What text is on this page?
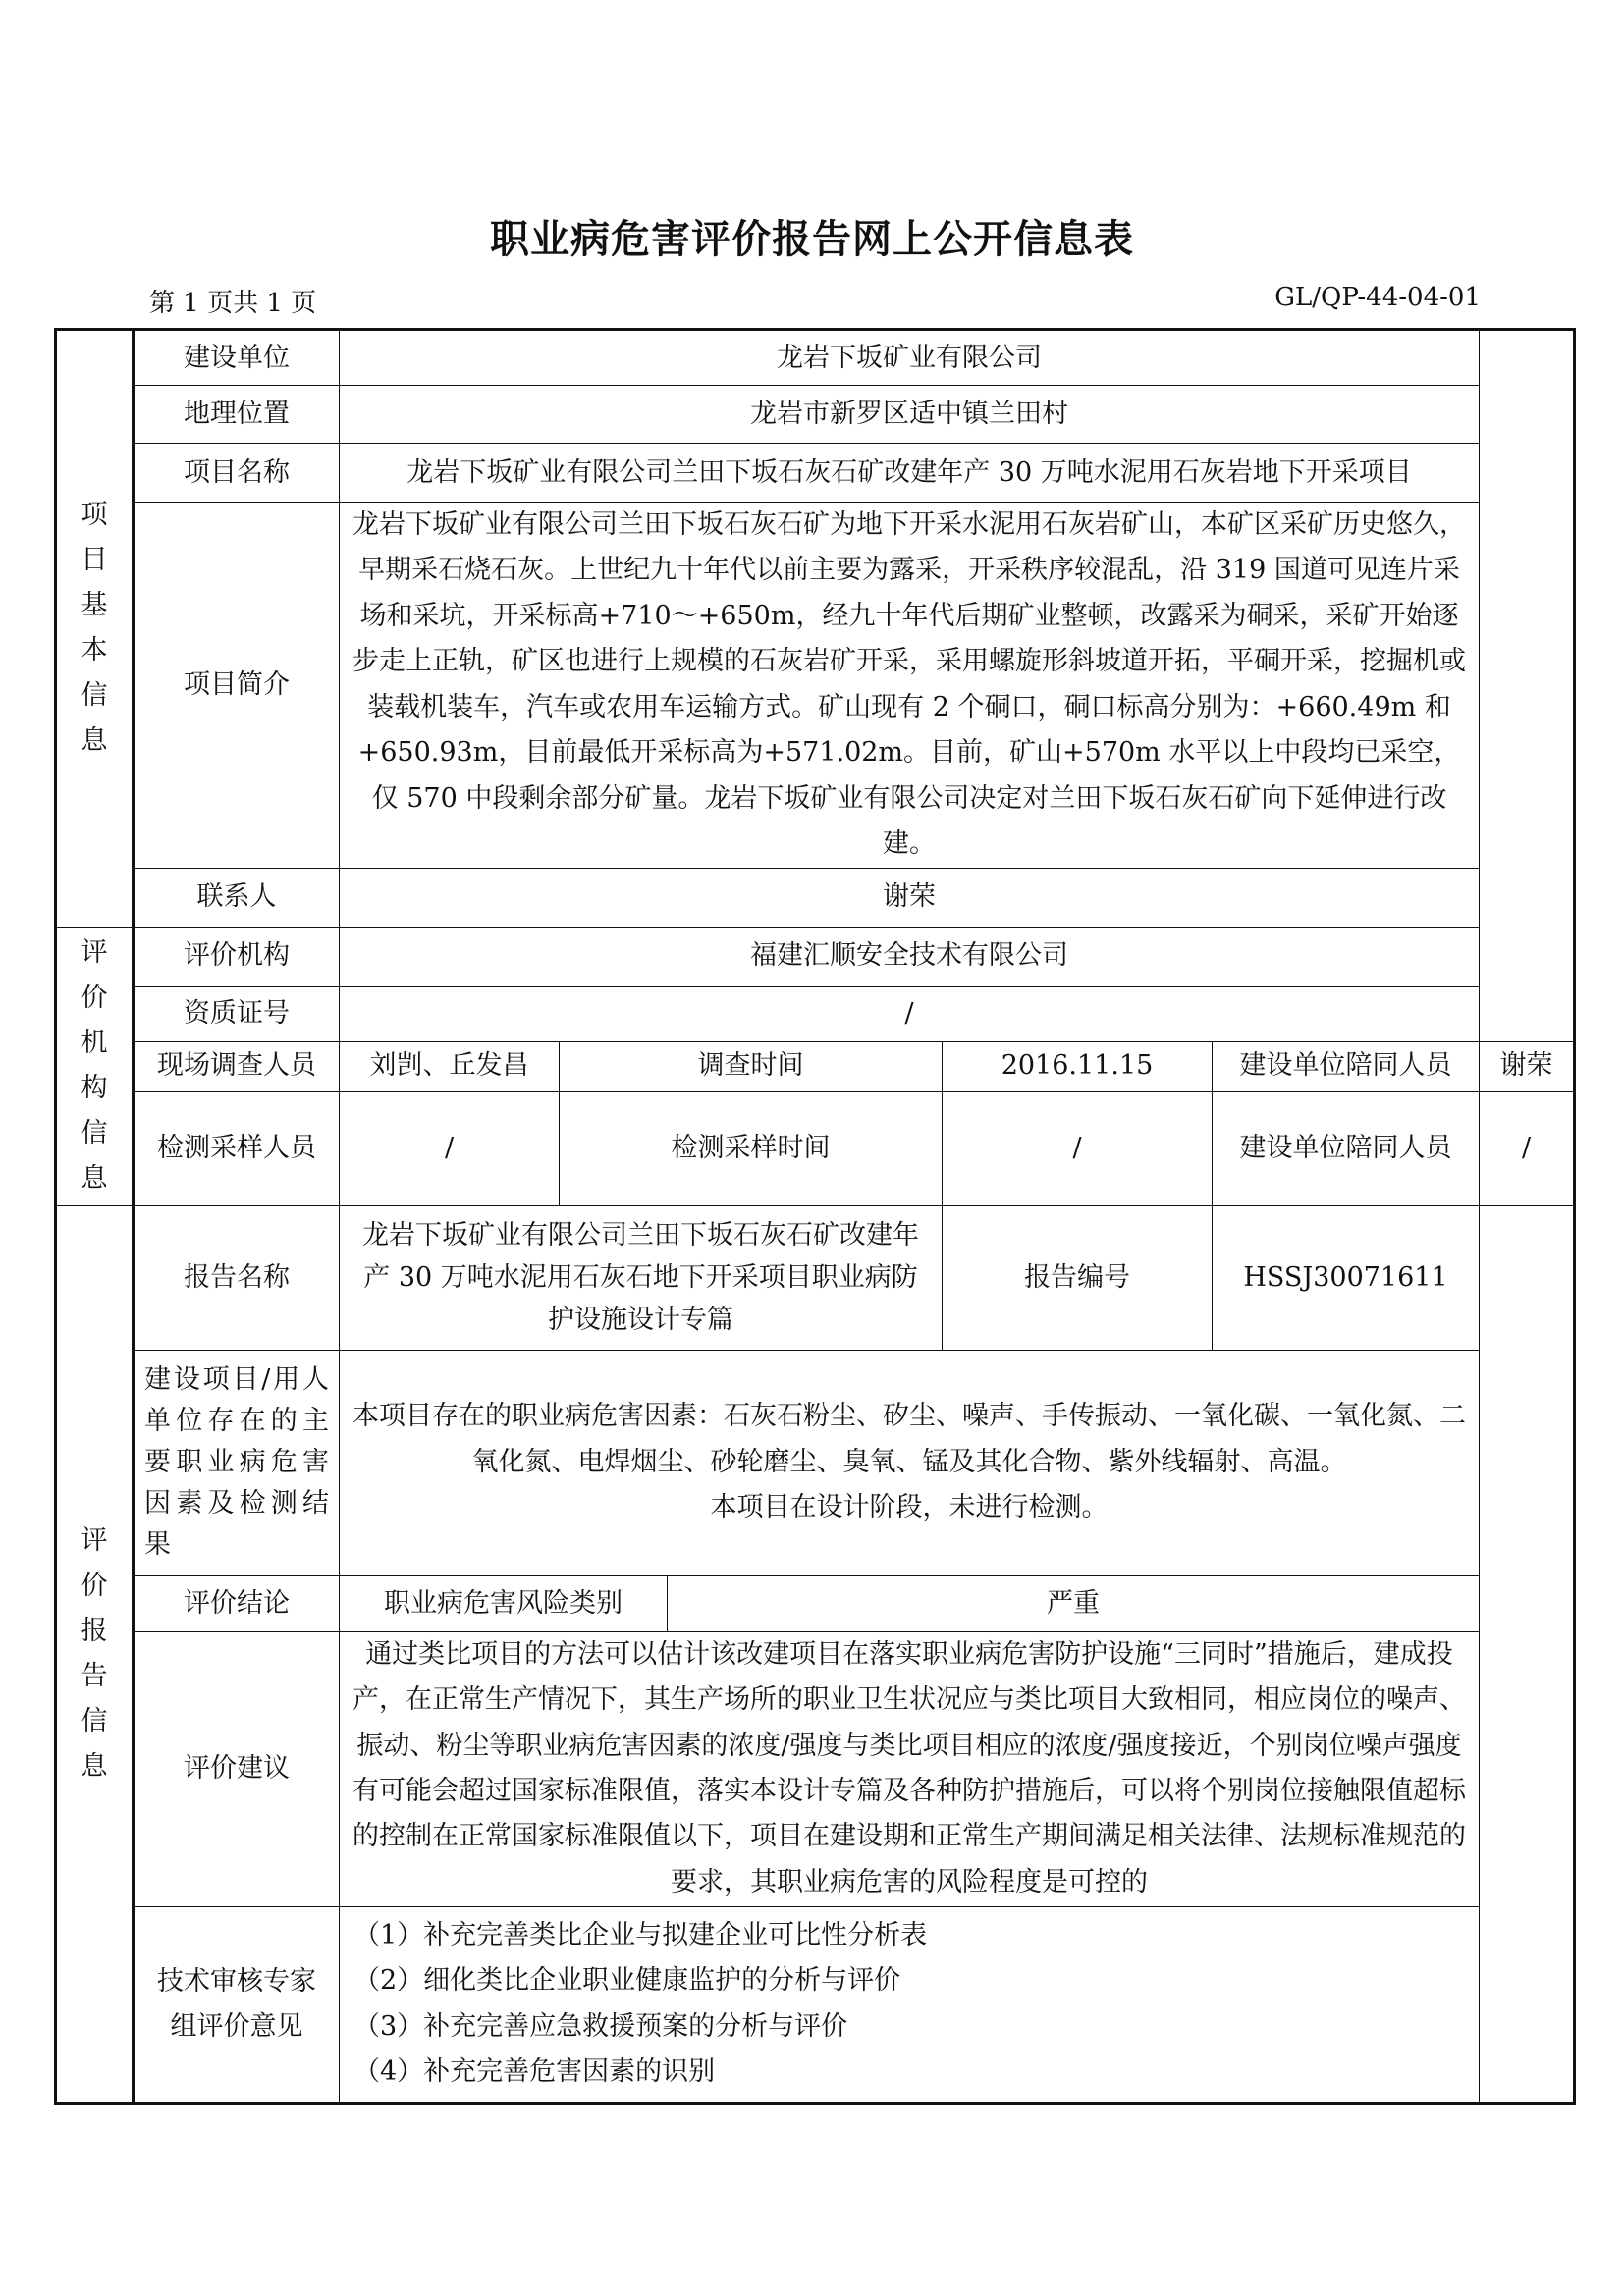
职业病危害评价报告网上公开信息表
第 1 页共 1 页	GL/QP-44-04-01
项目基本信息	建设单位	龙岩下坂矿业有限公司					
	地理位置	龙岩市新罗区适中镇兰田村					
	项目名称	龙岩下坂矿业有限公司兰田下坂石灰石矿改建年产 30 万吨水泥用石灰岩地下开采项目					
	项目简介	龙岩下坂矿业有限公司兰田下坂石灰石矿为地下开采水泥用石灰岩矿山，本矿区采矿历史悠久，早期采石烧石灰。上世纪九十年代以前主要为露采，开采秩序较混乱，沿 319 国道可见连片采场和采坑，开采标高+710～+650m，经九十年代后期矿业整顿，改露采为硐采，采矿开始逐步走上正轨，矿区也进行上规模的石灰岩矿开采，采用螺旋形斜坡道开拓，平硐开采，挖掘机或装载机装车，汽车或农用车运输方式。矿山现有 2 个硐口，硐口标高分别为：+660.49m 和+650.93m，目前最低开采标高为+571.02m。目前，矿山+570m 水平以上中段均已采空，仅 570 中段剩余部分矿量。龙岩下坂矿业有限公司决定对兰田下坂石灰石矿向下延伸进行改建。					
	联系人	谢荣					

评价机构信息	评价机构	福建汇顺安全技术有限公司					
	资质证号	/					
	现场调查人员	刘剀、丘发昌	调查时间		2016.11.15	建设单位陪同人员	谢荣
	检测采样人员	/	检测采样时间		/	建设单位陪同人员	/

评价报告信息	报告名称	龙岩下坂矿业有限公司兰田下坂石灰石矿改建年产 30 万吨水泥用石灰石地下开采项目职业病防护设施设计专篇			报告编号	HSSJ30071611	
	建设项目/用人单位存在的主要职业病危害因素及检测结果	本项目存在的职业病危害因素：石灰石粉尘、矽尘、噪声、手传振动、一氧化碳、一氧化氮、二氧化氮、电焊烟尘、砂轮磨尘、臭氧、锰及其化合物、紫外线辐射、高温。
本项目在设计阶段，未进行检测。					

	评价结论	职业病危害风险类别		严重			
	评价建议	通过类比项目的方法可以估计该改建项目在落实职业病危害防护设施“三同时”措施后，建成投产，在正常生产情况下，其生产场所的职业卫生状况应与类比项目大致相同，相应岗位的噪声、振动、粉尘等职业病危害因素的浓度/强度与类比项目相应的浓度/强度接近，个别岗位噪声强度有可能会超过国家标准限值，落实本设计专篇及各种防护措施后，可以将个别岗位接触限值超标的控制在正常国家标准限值以下，项目在建设期和正常生产期间满足相关法律、法规标准规范的要求，其职业病危害的风险程度是可控的					
	技术审核专家组评价意见	（1）补充完善类比企业与拟建企业可比性分析表
（2）细化类比企业职业健康监护的分析与评价
（3）补充完善应急救援预案的分析与评价
（4）补充完善危害因素的识别					
